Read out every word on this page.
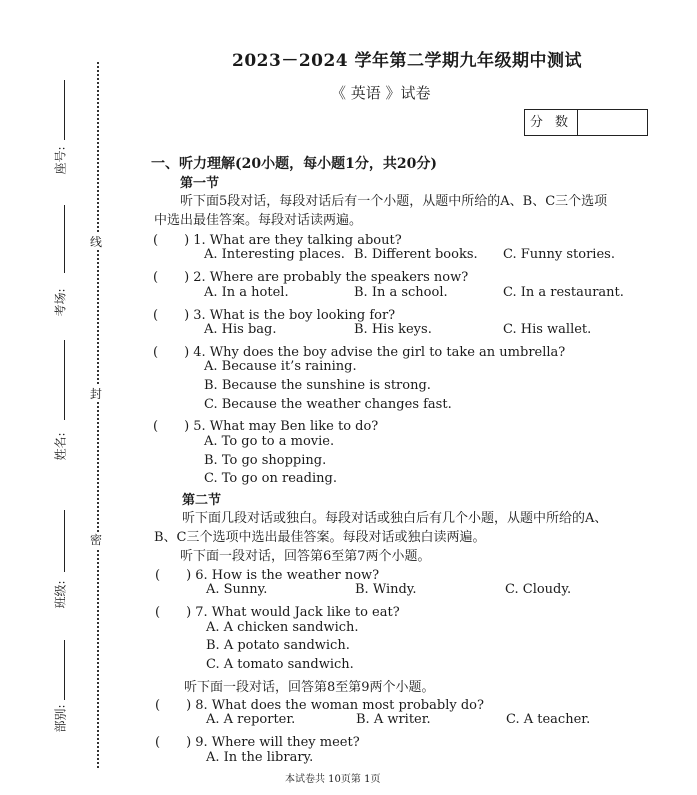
线
封
密
座号:
考场:
姓名:
班级:
部别:
2023－2024 学年第二学期九年级期中测试
《 英语 》试卷
分 数
一、听力理解(20小题，每小题1分，共20分)
第一节
听下面5段对话，每段对话后有一个小题，从题中所给的A、B、C三个选项
中选出最佳答案。每段对话读两遍。
(　　) 1. What are they talking about?
A. Interesting places. B. Different books. C. Funny stories.
(　　) 2. Where are probably the speakers now?
A. In a hotel.	B. In a school.	C. In a restaurant.
(　　) 3. What is the boy looking for?
A. His bag.	B. His keys.	C. His wallet.
(　　) 4. Why does the boy advise the girl to take an umbrella?
A. Because it’s raining.
B. Because the sunshine is strong.
C. Because the weather changes fast.
(　　) 5. What may Ben like to do?
A. To go to a movie.
B. To go shopping.
C. To go on reading.
第二节
听下面几段对话或独白。每段对话或独白后有几个小题，从题中所给的A、
B、C三个选项中选出最佳答案。每段对话或独白读两遍。
听下面一段对话，回答第6至第7两个小题。
(　　) 6. How is the weather now?
A. Sunny.	B. Windy.	C. Cloudy.
(　　) 7. What would Jack like to eat?
A. A chicken sandwich.
B. A potato sandwich.
C. A tomato sandwich.
听下面一段对话，回答第8至第9两个小题。
(　　) 8. What does the woman most probably do?
A. A reporter.	B. A writer.	C. A teacher.
(　　) 9. Where will they meet?
A. In the library.
本试卷共 10页第 1页
